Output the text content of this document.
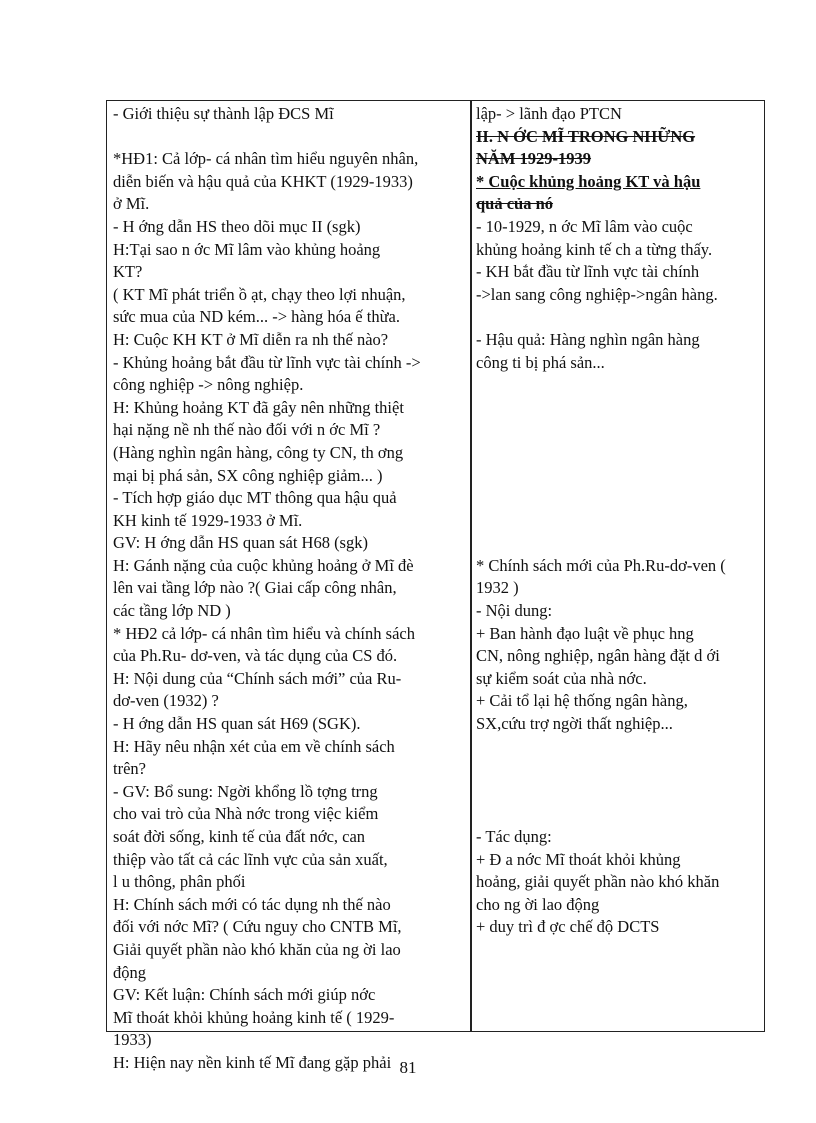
- Giới thiệu sự thành lập ĐCS Mĩ
*HĐ1: Cả lớp- cá nhân tìm hiểu nguyên nhân,
diễn biến và hậu quả của KHKT (1929-1933)
ở Mĩ.
- H ớng dẫn HS theo dõi mục II (sgk)
H:Tại sao n ớc Mĩ lâm vào khủng hoảng
KT?
( KT Mĩ phát triển ồ ạt, chạy theo lợi nhuận,
sức mua của ND kém... -> hàng hóa ế thừa.
H: Cuộc KH KT ở Mĩ diễn ra nh thế nào?
- Khủng hoảng bắt đầu từ lĩnh vực tài chính ->
công nghiệp -> nông nghiệp.
H: Khủng hoảng KT đã gây nên những thiệt
hại nặng nề nh thế nào đối với n ớc Mĩ ?
(Hàng nghìn ngân hàng, công ty CN, th ơng
mại bị phá sản, SX công nghiệp giảm... )
- Tích hợp giáo dục MT thông qua hậu quả
KH kinh tế 1929-1933 ở Mĩ.
GV: H ớng dẫn HS quan sát H68 (sgk)
H: Gánh nặng của cuộc khủng hoảng ở Mĩ đè
lên vai tầng lớp nào ?( Giai cấp công nhân,
các tầng lớp ND )
* HĐ2 cả lớp- cá nhân tìm hiểu và chính sách
của Ph.Ru- dơ-ven, và tác dụng của CS đó.
H: Nội dung của “Chính sách mới” của Ru-
dơ-ven (1932) ?
- H ớng dẫn HS quan sát H69 (SGK).
H: Hãy nêu nhận xét của em về chính sách
trên?
- GV: Bổ sung: Ngời khổng lồ tợng trng
cho vai trò của Nhà nớc trong việc kiểm
soát đời sống, kinh tế của đất nớc, can
thiệp vào tất cả các lĩnh vực của sản xuất,
l u thông, phân phối
H: Chính sách mới có tác dụng nh thế nào
đối với nớc Mĩ? ( Cứu nguy cho CNTB Mĩ,
Giải quyết phần nào khó khăn của ng ời lao
động
GV: Kết luận: Chính sách mới giúp nớc
Mĩ thoát khỏi khủng hoảng kinh tế ( 1929-
1933)
H: Hiện nay nền kinh tế Mĩ đang gặp phải
lập- > lãnh đạo PTCN
II. N ỚC MĨ TRONG NHỮNG
NĂM 1929-1939
* Cuộc khủng hoảng KT và hậu
quả của nó
- 10-1929, n ớc Mĩ lâm vào cuộc
khủng hoảng kinh tế ch a từng thấy.
- KH bắt đầu từ lĩnh vực tài chính
->lan sang công nghiệp->ngân hàng.
- Hậu quả: Hàng nghìn ngân hàng
công ti bị phá sản...
* Chính sách mới của Ph.Ru-dơ-ven (
1932 )
- Nội dung:
+ Ban hành đạo luật về phục hng
CN, nông nghiệp, ngân hàng đặt d ới
sự kiểm soát của nhà nớc.
+ Cải tổ lại hệ thống ngân hàng,
SX,cứu trợ ngời thất nghiệp...
- Tác dụng:
+ Đ a nớc Mĩ thoát khỏi khủng
hoảng, giải quyết phần nào khó khăn
cho ng ời lao động
+ duy trì đ ợc chế độ DCTS
81
